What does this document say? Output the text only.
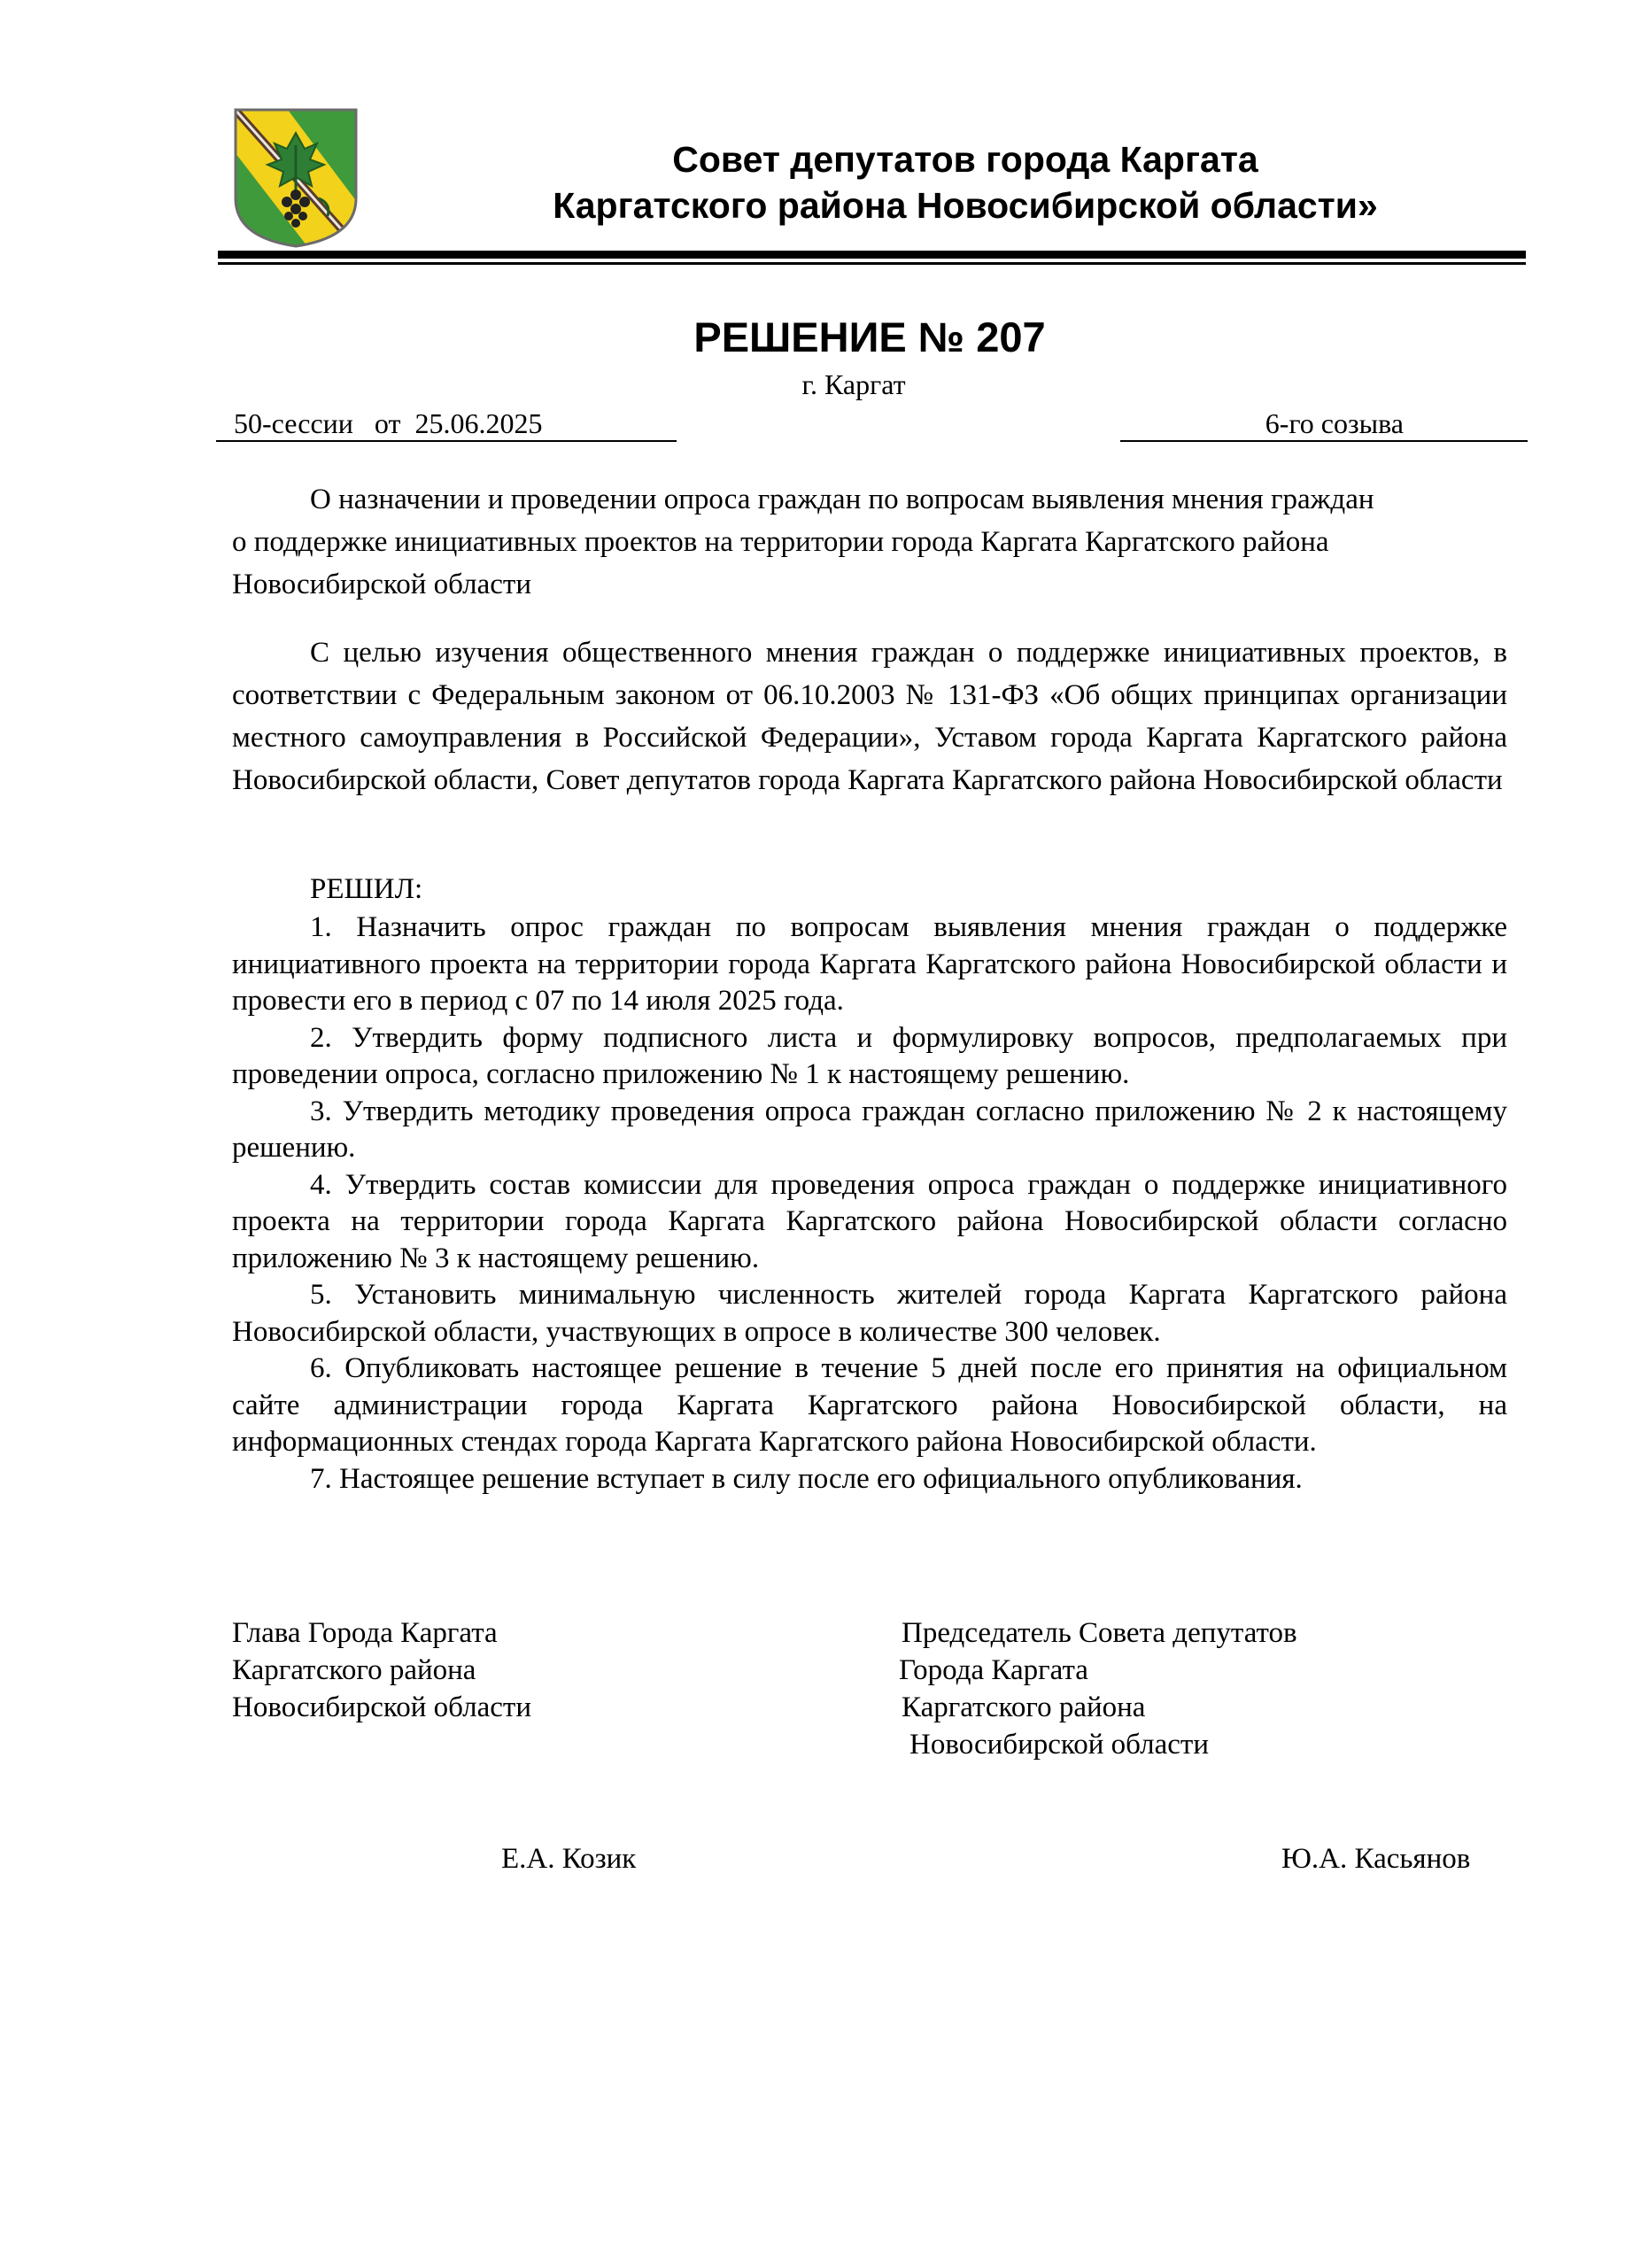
Совет депутатов города Каргата
Каргатского района Новосибирской области»
РЕШЕНИЕ № 207
г. Каргат
50-сессии   от  25.06.2025	6-го созыва
О назначении и проведении опроса граждан по вопросам выявления мнения граждан
о поддержке инициативных проектов на территории города Каргата Каргатского района
Новосибирской области
С целью изучения общественного мнения граждан о поддержке инициативных проектов, в соответствии с Федеральным законом от 06.10.2003 № 131-ФЗ «Об общих принципах организации местного самоуправления в Российской Федерации», Уставом города Каргата Каргатского района Новосибирской области, Совет депутатов города Каргата Каргатского района Новосибирской области
РЕШИЛ:
1. Назначить опрос граждан по вопросам выявления мнения граждан о поддержке инициативного проекта на территории города Каргата Каргатского района Новосибирской области и провести его в период с 07 по 14 июля 2025 года.
2. Утвердить форму подписного листа и формулировку вопросов, предполагаемых при проведении опроса, согласно приложению № 1 к настоящему решению.
3. Утвердить методику проведения опроса граждан согласно приложению № 2 к настоящему решению.
4. Утвердить состав комиссии для проведения опроса граждан о поддержке инициативного проекта на территории города Каргата Каргатского района Новосибирской области согласно приложению № 3 к настоящему решению.
5. Установить минимальную численность жителей города Каргата Каргатского района Новосибирской области, участвующих в опросе в количестве 300 человек.
6. Опубликовать настоящее решение в течение 5 дней после его принятия на официальном сайте администрации города Каргата Каргатского района Новосибирской области, на информационных стендах города Каргата Каргатского района Новосибирской области.
7. Настоящее решение вступает в силу после его официального опубликования.
Глава Города Каргата
Каргатского района
Новосибирской области
Председатель Совета депутатов
Города Каргата
Каргатского района
Новосибирской области
Е.А. Козик	Ю.А. Касьянов
